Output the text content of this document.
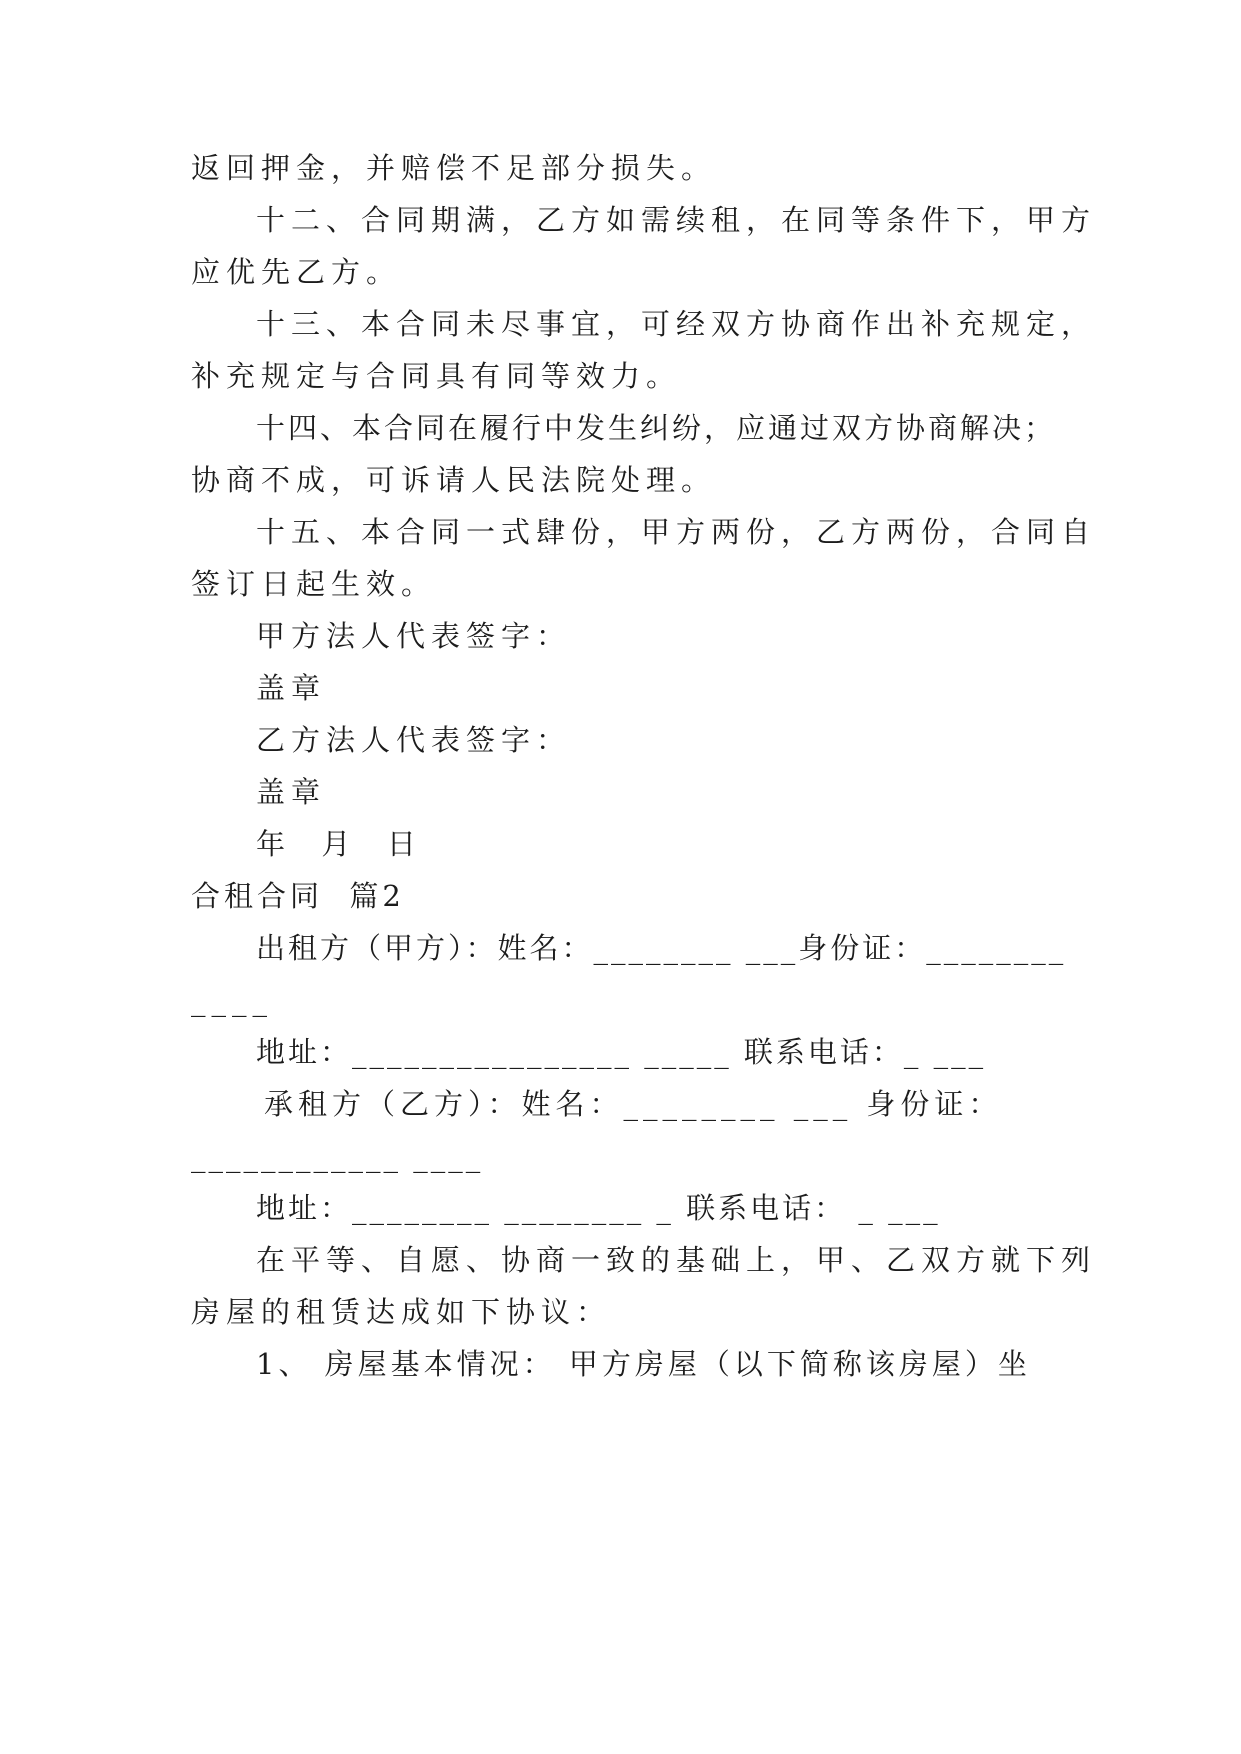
返回押金，并赔偿不足部分损失。
十二、合同期满，乙方如需续租，在同等条件下，甲方
应优先乙方。
十三、本合同未尽事宜，可经双方协商作出补充规定，
补充规定与合同具有同等效力。
十四、本合同在履行中发生纠纷，应通过双方协商解决；
协商不成，可诉请人民法院处理。
十五、本合同一式肆份，甲方两份，乙方两份，合同自
签订日起生效。
甲方法人代表签字：
盖章
乙方法人代表签字：
盖章
年  月  日
合租合同  篇2
出租方（甲方）：姓名：________ ___身份证：________
____
地址：________________ _____ 联系电话：_ ___
承租方（乙方）：姓名：________ ___ 身份证：
____________ ____
地址：________ ________ _ 联系电话： _ ___
在平等、自愿、协商一致的基础上，甲、乙双方就下列
房屋的租赁达成如下协议：
1、 房屋基本情况： 甲方房屋（以下简称该房屋）坐
